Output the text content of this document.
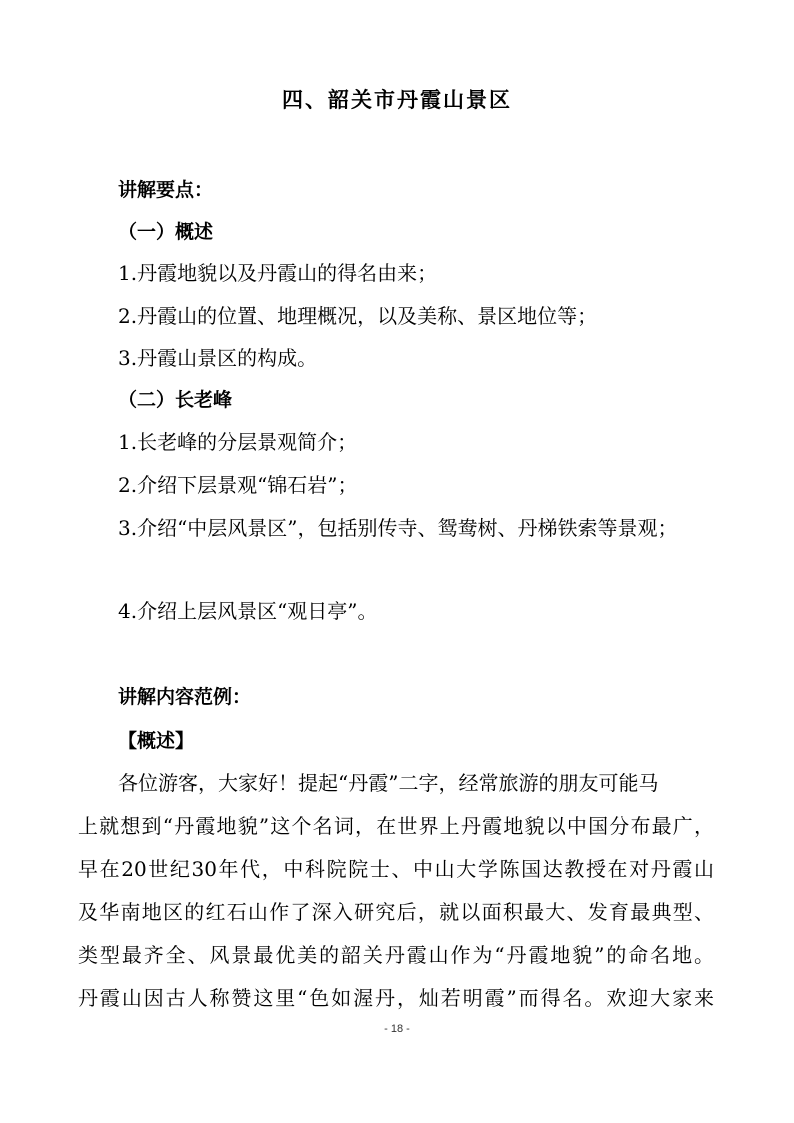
四、韶关市丹霞山景区
讲解要点：
（一）概述
1.丹霞地貌以及丹霞山的得名由来；
2.丹霞山的位置、地理概况，以及美称、景区地位等；
3.丹霞山景区的构成。
（二）长老峰
1.长老峰的分层景观简介；
2.介绍下层景观“锦石岩”；
3.介绍“中层风景区”，包括别传寺、鸳鸯树、丹梯铁索等景观；
4.介绍上层风景区“观日亭”。
讲解内容范例：
【概述】
各位游客，大家好！提起“丹霞”二字，经常旅游的朋友可能马
上就想到“丹霞地貌”这个名词，在世界上丹霞地貌以中国分布最广，
早在20世纪30年代，中科院院士、中山大学陈国达教授在对丹霞山
及华南地区的红石山作了深入研究后，就以面积最大、发育最典型、
类型最齐全、风景最优美的韶关丹霞山作为“丹霞地貌”的命名地。
丹霞山因古人称赞这里“色如渥丹，灿若明霞”而得名。欢迎大家来
- 18 -
